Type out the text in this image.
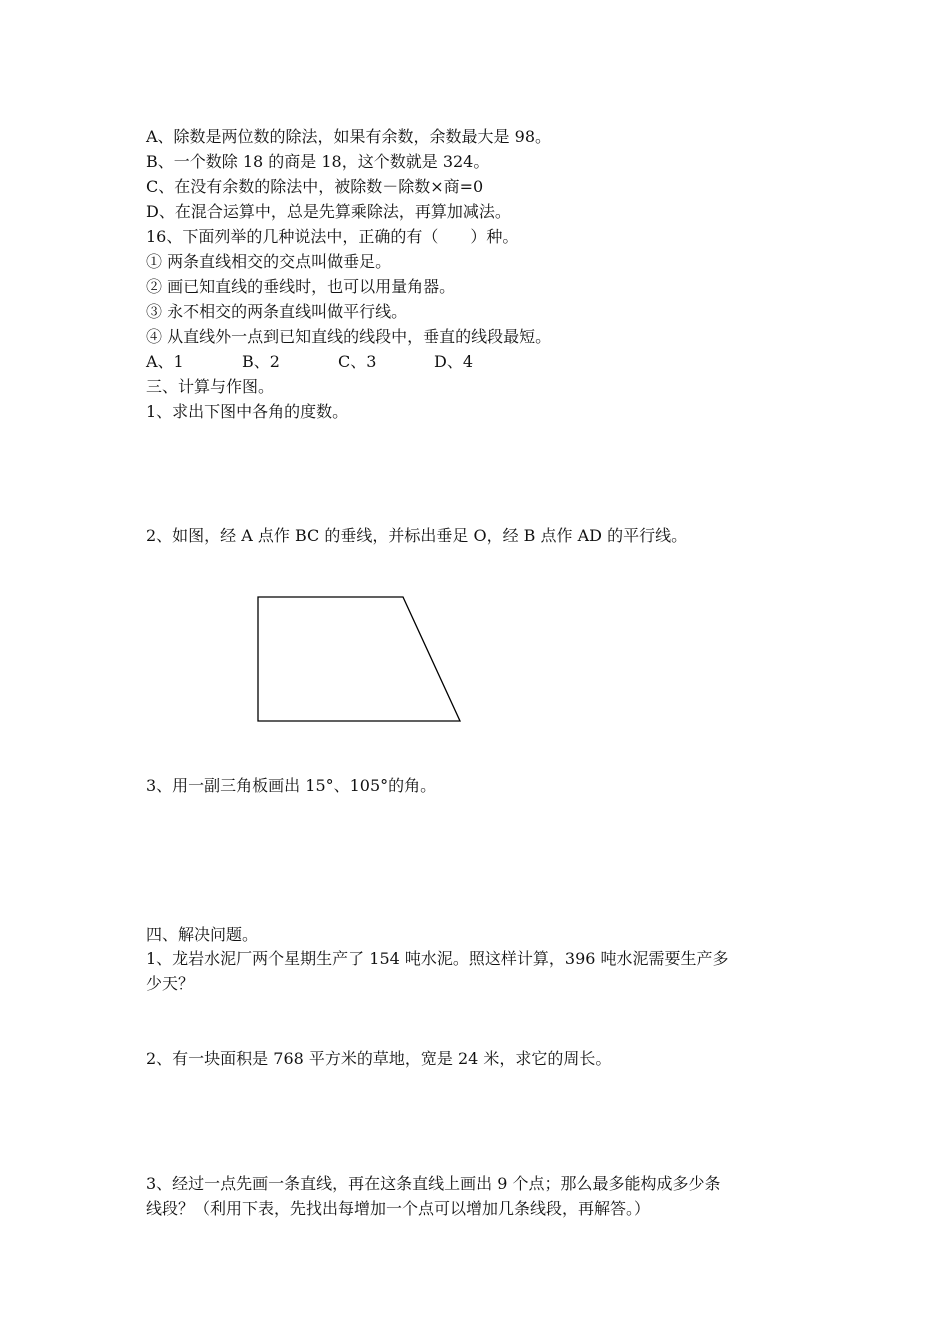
A、除数是两位数的除法，如果有余数，余数最大是 98。
B、一个数除 18 的商是 18，这个数就是 324。
C、在没有余数的除法中，被除数－除数×商=0
D、在混合运算中，总是先算乘除法，再算加减法。
16、下面列举的几种说法中，正确的有（　　）种。
① 两条直线相交的交点叫做垂足。
② 画已知直线的垂线时，也可以用量角器。
③ 永不相交的两条直线叫做平行线。
④ 从直线外一点到已知直线的线段中，垂直的线段最短。
A、1	B、2	C、3	D、4
三、计算与作图。
1、求出下图中各角的度数。
2、如图，经 A 点作 BC 的垂线，并标出垂足 O，经 B 点作 AD 的平行线。
3、用一副三角板画出 15°、105°的角。
四、解决问题。
1、龙岩水泥厂两个星期生产了 154 吨水泥。照这样计算，396 吨水泥需要生产多
少天？
2、有一块面积是 768 平方米的草地，宽是 24 米，求它的周长。
3、经过一点先画一条直线，再在这条直线上画出 9 个点；那么最多能构成多少条
线段？（利用下表，先找出每增加一个点可以增加几条线段，再解答。）
